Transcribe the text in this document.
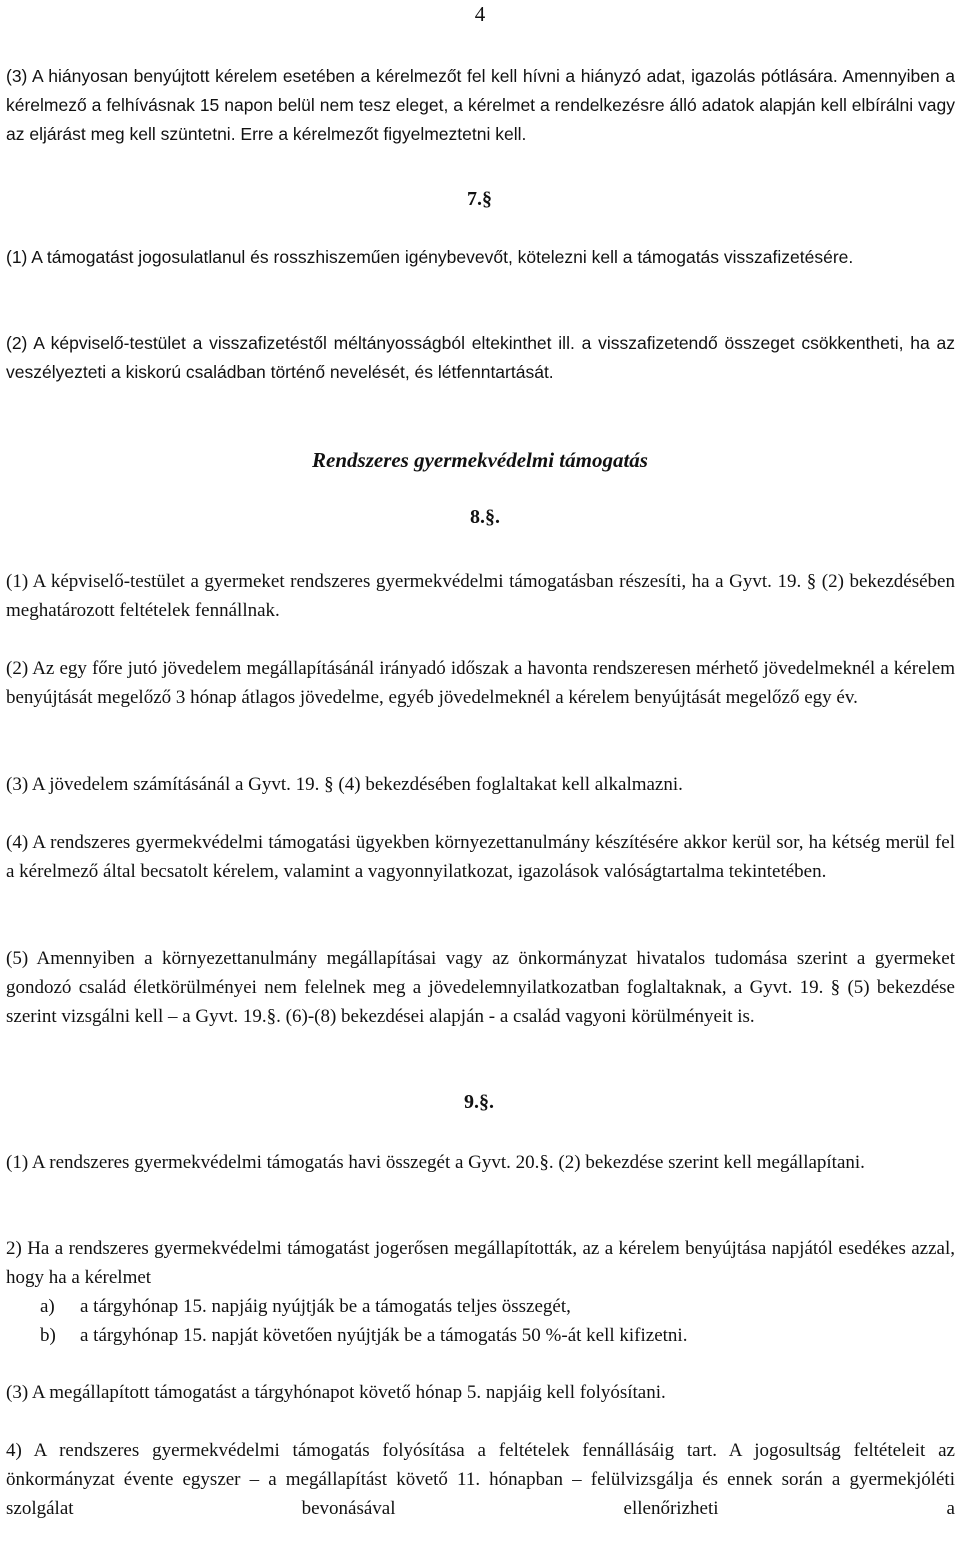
4

(3) A hiányosan benyújtott kérelem esetében a kérelmezőt fel kell hívni a hiányzó adat, igazolás pótlására. Amennyiben a kérelmező a felhívásnak 15 napon belül nem tesz eleget, a kérelmet a rendelkezésre álló adatok alapján kell elbírálni vagy az eljárást meg kell szüntetni. Erre a kérelmezőt figyelmeztetni kell.

7.§

(1) A támogatást jogosulatlanul és rosszhiszeműen igénybevevőt, kötelezni kell a támogatás visszafizetésére.

(2) A képviselő-testület a visszafizetéstől méltányosságból eltekinthet ill. a visszafizetendő összeget csökkentheti, ha az veszélyezteti a kiskorú családban történő nevelését, és létfenntartását.

Rendszeres gyermekvédelmi támogatás
8.§.

(1) A képviselő-testület a gyermeket rendszeres gyermekvédelmi támogatásban részesíti, ha a Gyvt. 19. § (2) bekezdésében meghatározott feltételek fennállnak.

(2) Az egy főre jutó jövedelem megállapításánál irányadó időszak a havonta rendszeresen mérhető jövedelmeknél a kérelem benyújtását megelőző 3 hónap átlagos jövedelme, egyéb jövedelmeknél a kérelem benyújtását megelőző egy év.

(3) A jövedelem számításánál a Gyvt. 19. § (4) bekezdésében foglaltakat kell alkalmazni.

(4) A rendszeres gyermekvédelmi támogatási ügyekben környezettanulmány készítésére akkor kerül sor, ha kétség merül fel a kérelmező által becsatolt kérelem, valamint a vagyonnyilatkozat, igazolások valóságtartalma tekintetében.

(5) Amennyiben a környezettanulmány megállapításai vagy az önkormányzat hivatalos tudomása szerint a gyermeket gondozó család életkörülményei nem felelnek meg a jövedelemnyilatkozatban foglaltaknak, a Gyvt. 19. § (5) bekezdése szerint vizsgálni kell – a Gyvt. 19.§. (6)-(8) bekezdései alapján - a család vagyoni körülményeit is.

9.§.

(1) A rendszeres gyermekvédelmi támogatás havi összegét a Gyvt. 20.§. (2) bekezdése szerint kell megállapítani.

2) Ha a rendszeres gyermekvédelmi támogatást jogerősen megállapították, az a kérelem benyújtása napjától esedékes azzal, hogy ha a kérelmet

a) a tárgyhónap 15. napjáig nyújtják be a támogatás teljes összegét,
b) a tárgyhónap 15. napját követően nyújtják be a támogatás 50 %-át kell kifizetni.

(3) A megállapított támogatást a tárgyhónapot követő hónap 5. napjáig kell folyósítani.

4) A rendszeres gyermekvédelmi támogatás folyósítása a feltételek fennállásáig tart. A jogosultság feltételeit az önkormányzat évente egyszer – a megállapítást követő 11. hónapban – felülvizsgálja és ennek során a gyermekjóléti szolgálat bevonásával ellenőrizheti a
